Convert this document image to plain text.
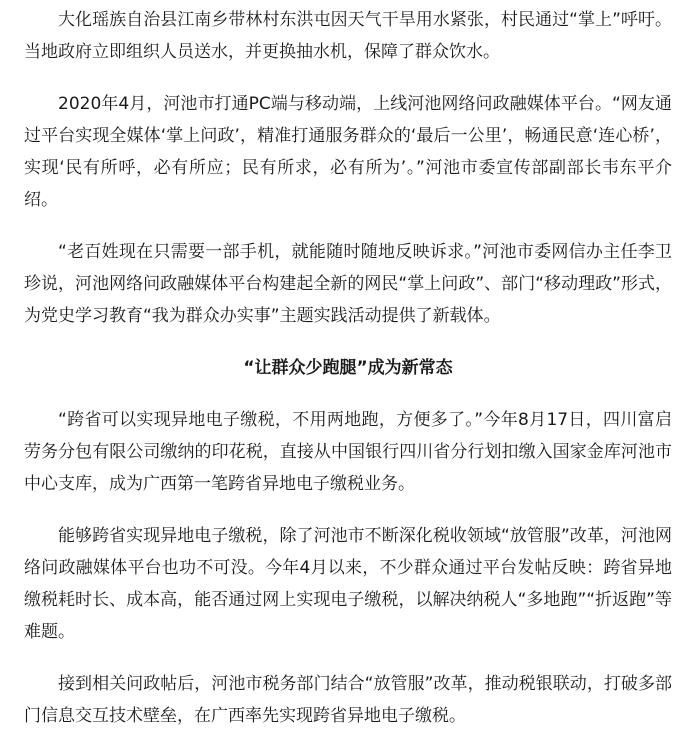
大化瑶族自治县江南乡带林村东洪屯因天气干旱用水紧张，村民通过“掌上”呼吁。当地政府立即组织人员送水，并更换抽水机，保障了群众饮水。

2020年4月，河池市打通PC端与移动端，上线河池网络问政融媒体平台。“网友通过平台实现全媒体‘掌上问政’，精准打通服务群众的‘最后一公里’，畅通民意‘连心桥’，实现‘民有所呼，必有所应；民有所求，必有所为’。”河池市委宣传部副部长韦东平介绍。

“老百姓现在只需要一部手机，就能随时随地反映诉求。”河池市委网信办主任李卫珍说，河池网络问政融媒体平台构建起全新的网民“掌上问政”、部门“移动理政”形式，为党史学习教育“我为群众办实事”主题实践活动提供了新载体。

“让群众少跑腿”成为新常态

“跨省可以实现异地电子缴税，不用两地跑，方便多了。”今年8月17日，四川富启劳务分包有限公司缴纳的印花税，直接从中国银行四川省分行划扣缴入国家金库河池市中心支库，成为广西第一笔跨省异地电子缴税业务。

能够跨省实现异地电子缴税，除了河池市不断深化税收领域“放管服”改革，河池网络问政融媒体平台也功不可没。今年4月以来，不少群众通过平台发帖反映：跨省异地缴税耗时长、成本高，能否通过网上实现电子缴税，以解决纳税人“多地跑”“折返跑”等难题。

接到相关问政帖后，河池市税务部门结合“放管服”改革，推动税银联动，打破多部门信息交互技术壁垒，在广西率先实现跨省异地电子缴税。
